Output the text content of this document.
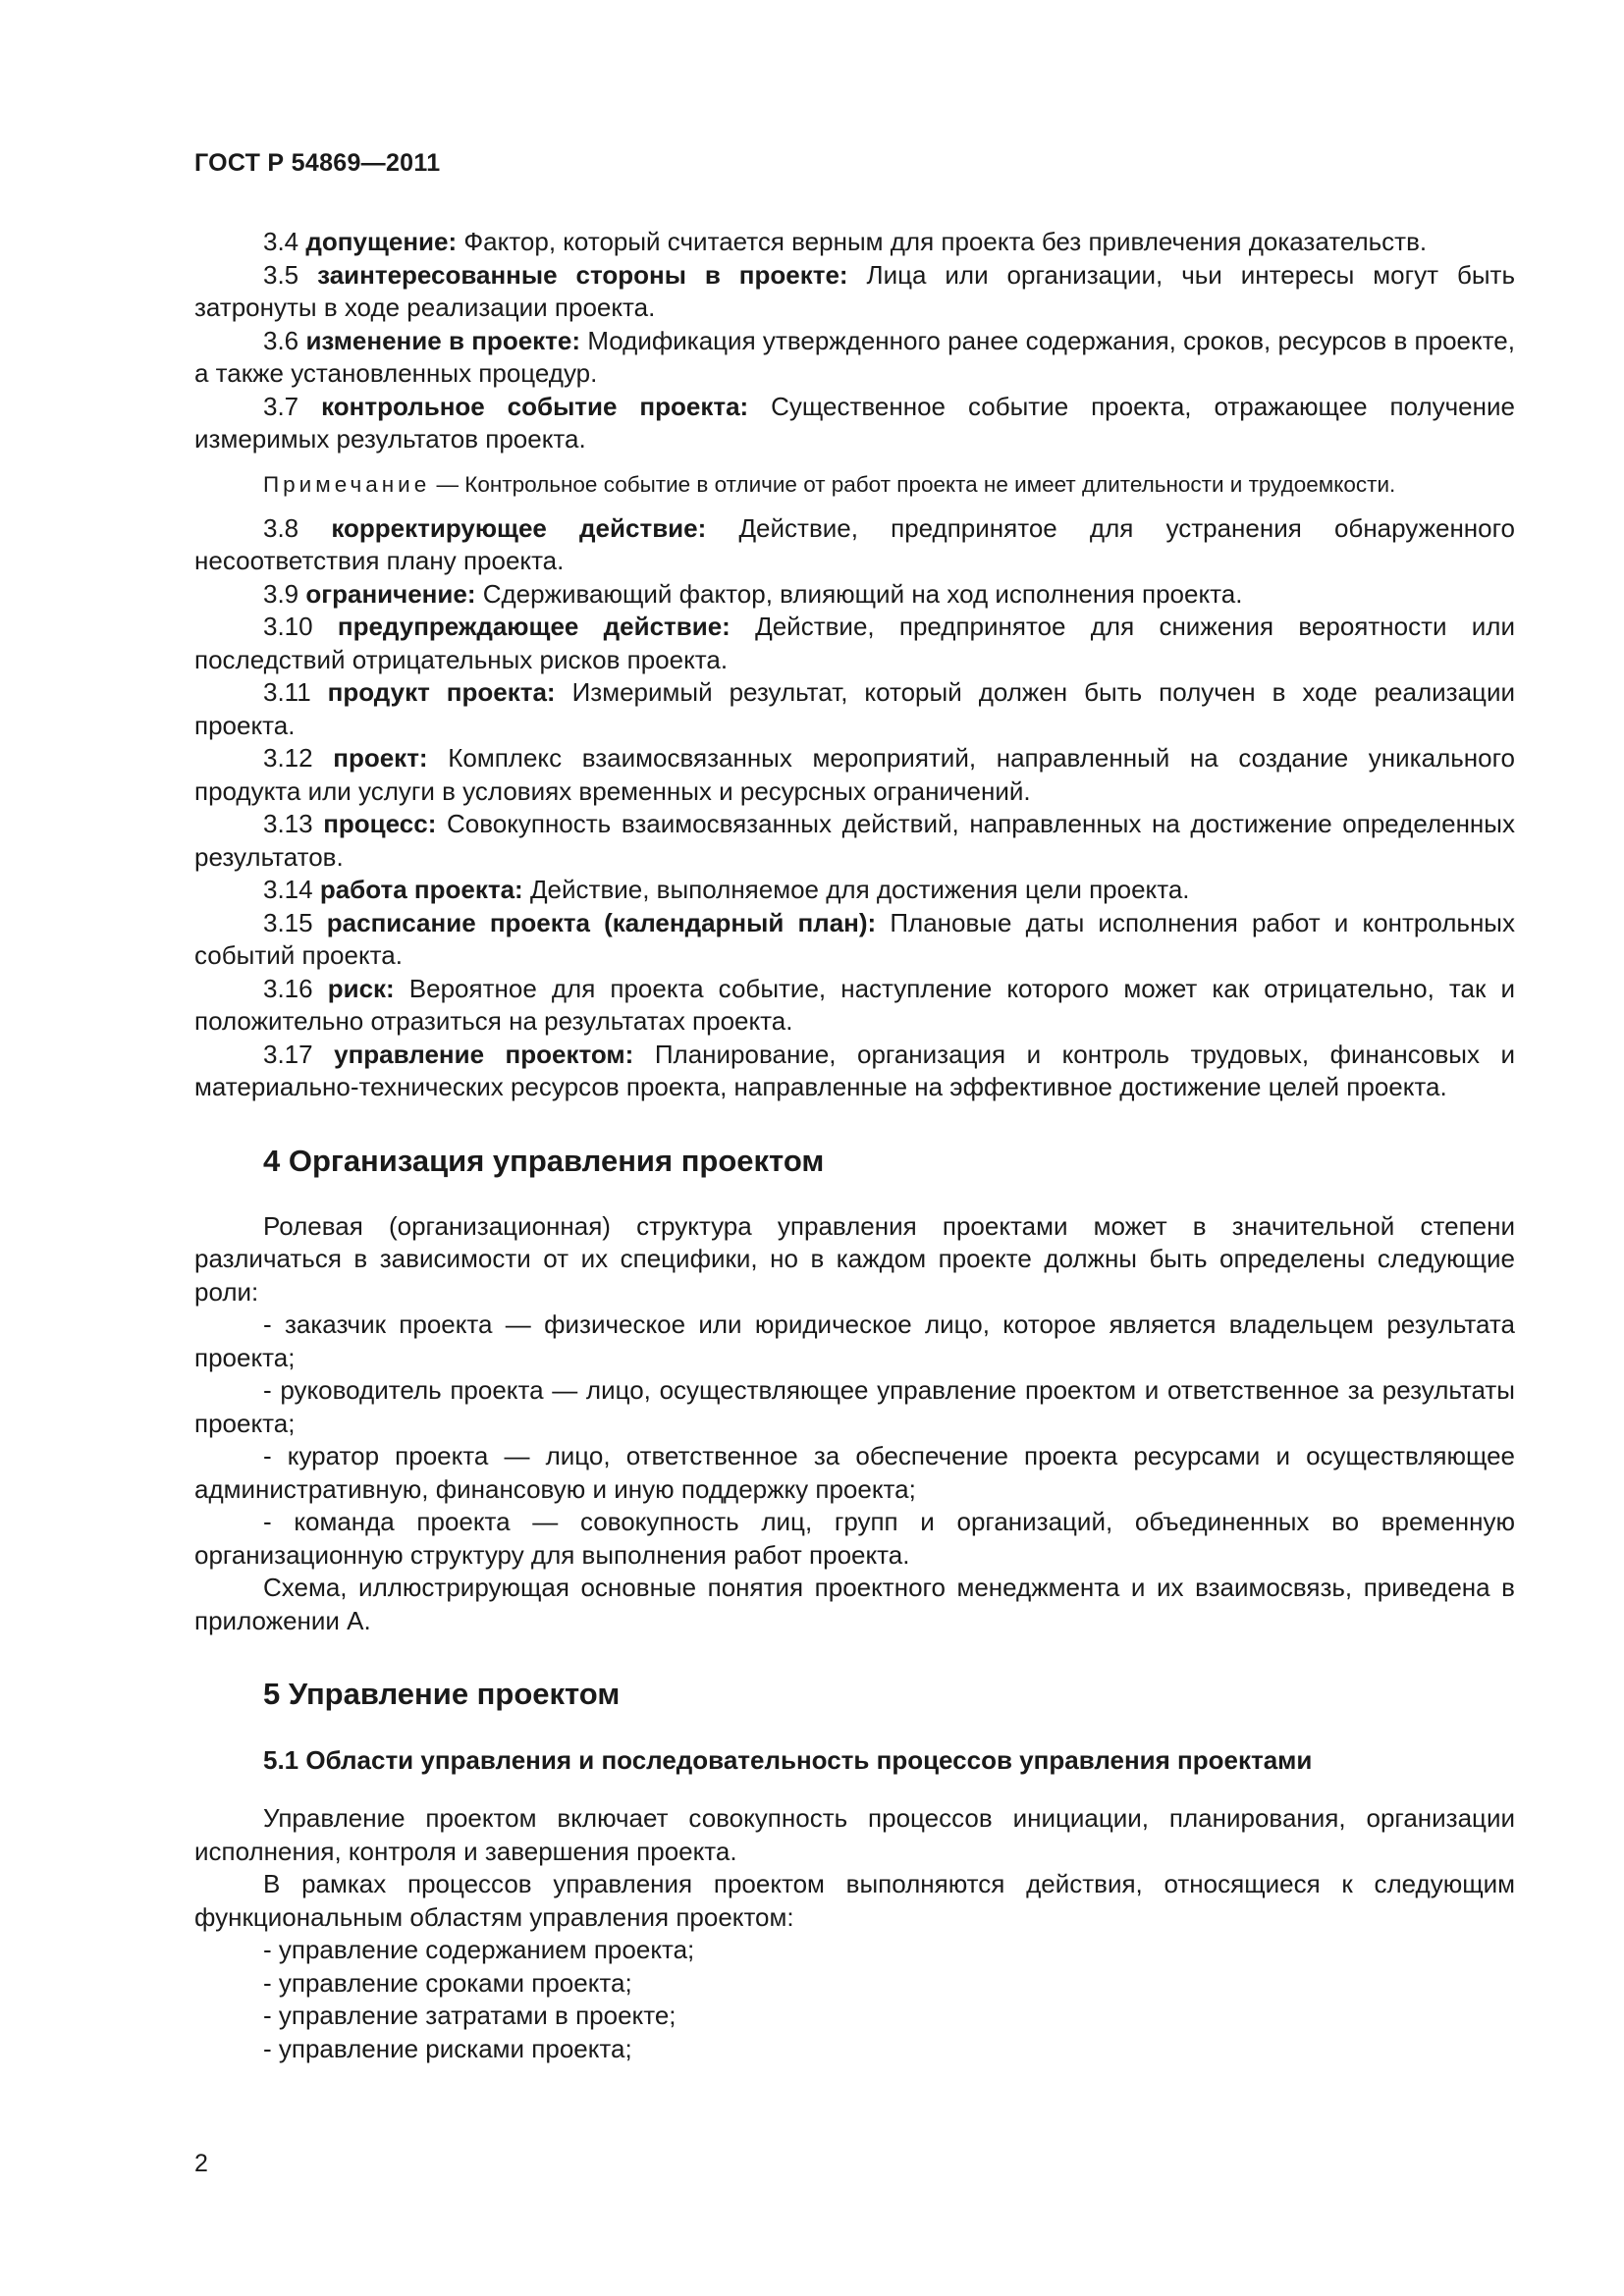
ГОСТ Р 54869—2011

3.4 допущение: Фактор, который считается верным для проекта без привлечения доказательств.

3.5 заинтересованные стороны в проекте: Лица или организации, чьи интересы могут быть затронуты в ходе реализации проекта.

3.6 изменение в проекте: Модификация утвержденного ранее содержания, сроков, ресурсов в проекте, а также установленных процедур.

3.7 контрольное событие проекта: Существенное событие проекта, отражающее получение измеримых результатов проекта.

Примечание — Контрольное событие в отличие от работ проекта не имеет длительности и трудоемкости.

3.8 корректирующее действие: Действие, предпринятое для устранения обнаруженного несоответствия плану проекта.

3.9 ограничение: Сдерживающий фактор, влияющий на ход исполнения проекта.

3.10 предупреждающее действие: Действие, предпринятое для снижения вероятности или последствий отрицательных рисков проекта.

3.11 продукт проекта: Измеримый результат, который должен быть получен в ходе реализации проекта.

3.12 проект: Комплекс взаимосвязанных мероприятий, направленный на создание уникального продукта или услуги в условиях временных и ресурсных ограничений.

3.13 процесс: Совокупность взаимосвязанных действий, направленных на достижение определенных результатов.

3.14 работа проекта: Действие, выполняемое для достижения цели проекта.

3.15 расписание проекта (календарный план): Плановые даты исполнения работ и контрольных событий проекта.

3.16 риск: Вероятное для проекта событие, наступление которого может как отрицательно, так и положительно отразиться на результатах проекта.

3.17 управление проектом: Планирование, организация и контроль трудовых, финансовых и материально-технических ресурсов проекта, направленные на эффективное достижение целей проекта.

4 Организация управления проектом

Ролевая (организационная) структура управления проектами может в значительной степени различаться в зависимости от их специфики, но в каждом проекте должны быть определены следующие роли:

- заказчик проекта — физическое или юридическое лицо, которое является владельцем результата проекта;

- руководитель проекта — лицо, осуществляющее управление проектом и ответственное за результаты проекта;

- куратор проекта — лицо, ответственное за обеспечение проекта ресурсами и осуществляющее административную, финансовую и иную поддержку проекта;

- команда проекта — совокупность лиц, групп и организаций, объединенных во временную организационную структуру для выполнения работ проекта.

Схема, иллюстрирующая основные понятия проектного менеджмента и их взаимосвязь, приведена в приложении А.

5 Управление проектом
5.1 Области управления и последовательность процессов управления проектами

Управление проектом включает совокупность процессов инициации, планирования, организации исполнения, контроля и завершения проекта.

В рамках процессов управления проектом выполняются действия, относящиеся к следующим функциональным областям управления проектом:

- управление содержанием проекта;
- управление сроками проекта;
- управление затратами в проекте;
- управление рисками проекта;
2
